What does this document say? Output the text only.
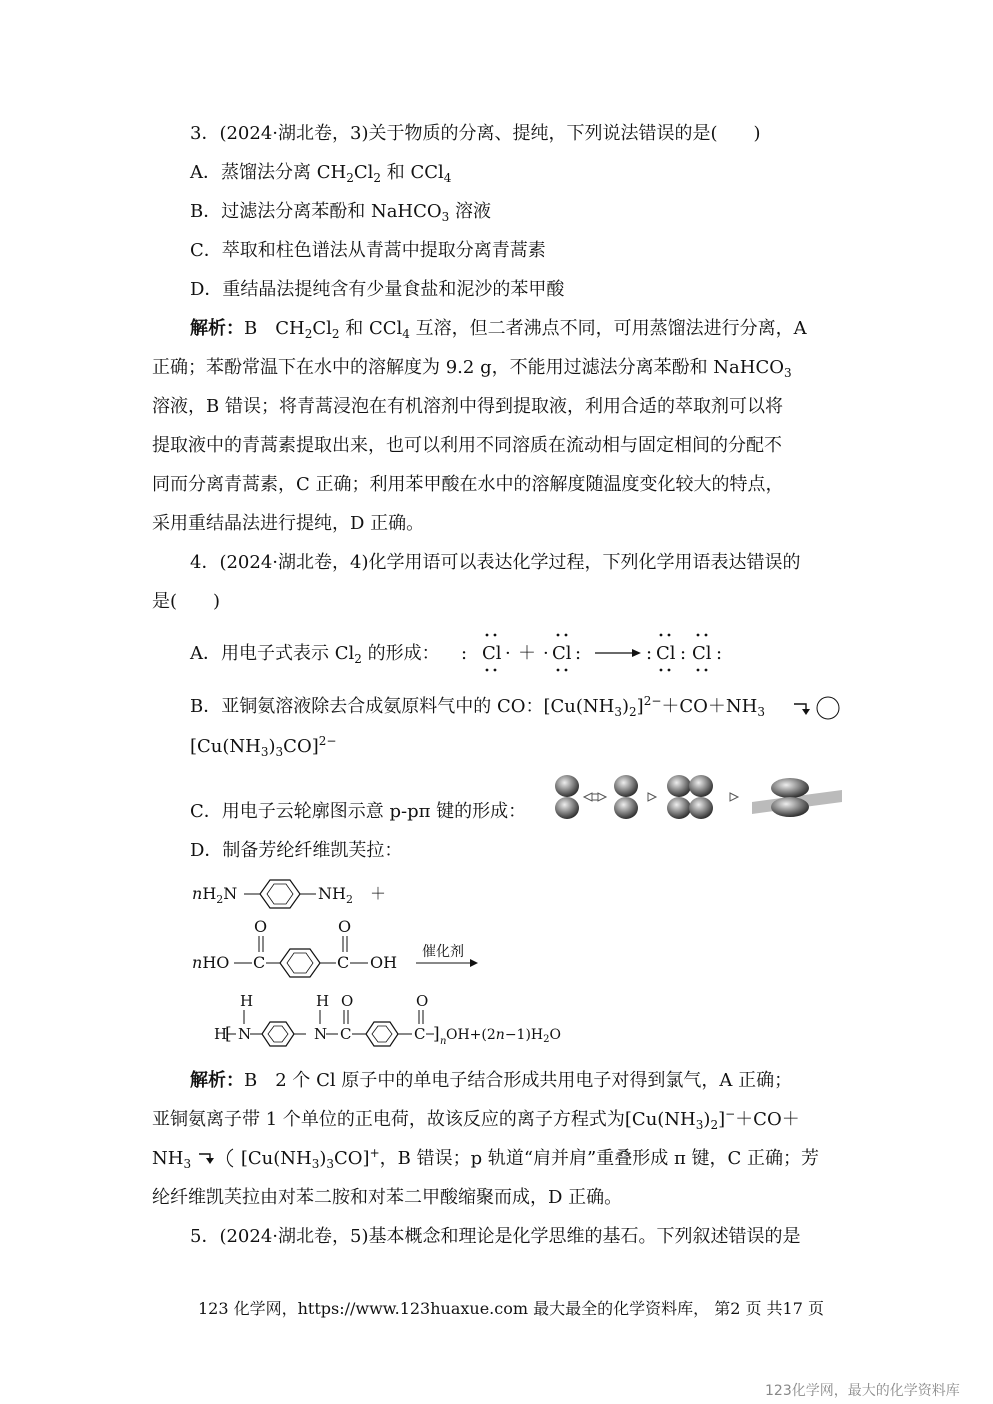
3．(2024·湖北卷，3)关于物质的分离、提纯，下列说法错误的是(　　)
A．蒸馏法分离 $CH_2Cl_2$ 和 CCl$_4$
B．过滤法分离苯酚和 NaHCO$_3$ 溶液
C．萃取和柱色谱法从青蒿中提取分离青蒿素
D．重结晶法提纯含有少量食盐和泥沙的苯甲酸
解析：B　$CH_2Cl_2$ 和 CCl$_4$ 互溶，但二者沸点不同，可用蒸馏法进行分离，A
正确；苯酚常温下在水中的溶解度为 9.2 g，不能用过滤法分离苯酚和 NaHCO$_3$
溶液，B 错误；将青蒿浸泡在有机溶剂中得到提取液，利用合适的萃取剂可以将
提取液中的青蒿素提取出来，也可以利用不同溶质在流动相与固定相间的分配不
同而分离青蒿素，C 正确；利用苯甲酸在水中的溶解度随温度变化较大的特点，
采用重结晶法进行提纯，D 正确。
4．(2024·湖北卷，4)化学用语可以表达化学过程，下列化学用语表达错误的
是(　　)
A．用电子式表示 $Cl_2$ 的形成： : Cl · ＋ · Cl :	: Cl : Cl :
B．亚铜氨溶液除去合成氨原料气中的 CO：$[Cu(NH_3)_2]^{2-}+CO+NH_3$
$[Cu(NH_3)_3CO]^{2-}$
C．用电子云轮廓图示意 p-pπ 键的形成：
D．制备芳纶纤维凯芙拉：
$nH_2N$	$NH_2$ ＋
O
nHO C	C
O
OH
催化剂
H
H
[ N
H
N C
O
C
O
] n $OH+(2n-1)H_2O$
解析：B　2 个 Cl 原子中的单电子结合形成共用电子对得到氯气，A 正确；
亚铜氨离子带 1 个单位的正电荷，故该反应的离子方程式为$[Cu(NH_3)_2]^-+CO+$
$NH_3$	$[Cu(NH_3)_3CO]^+$，B 错误；p 轨道“肩并肩”重叠形成 π 键，C 正确；芳
纶纤维凯芙拉由对苯二胺和对苯二甲酸缩聚而成，D 正确。
5．(2024·湖北卷，5)基本概念和理论是化学思维的基石。下列叙述错误的是
123 化学网，https://www.123huaxue.com 最大最全的化学资料库， 第2 页 共17 页
123化学网，最大的化学资料库
